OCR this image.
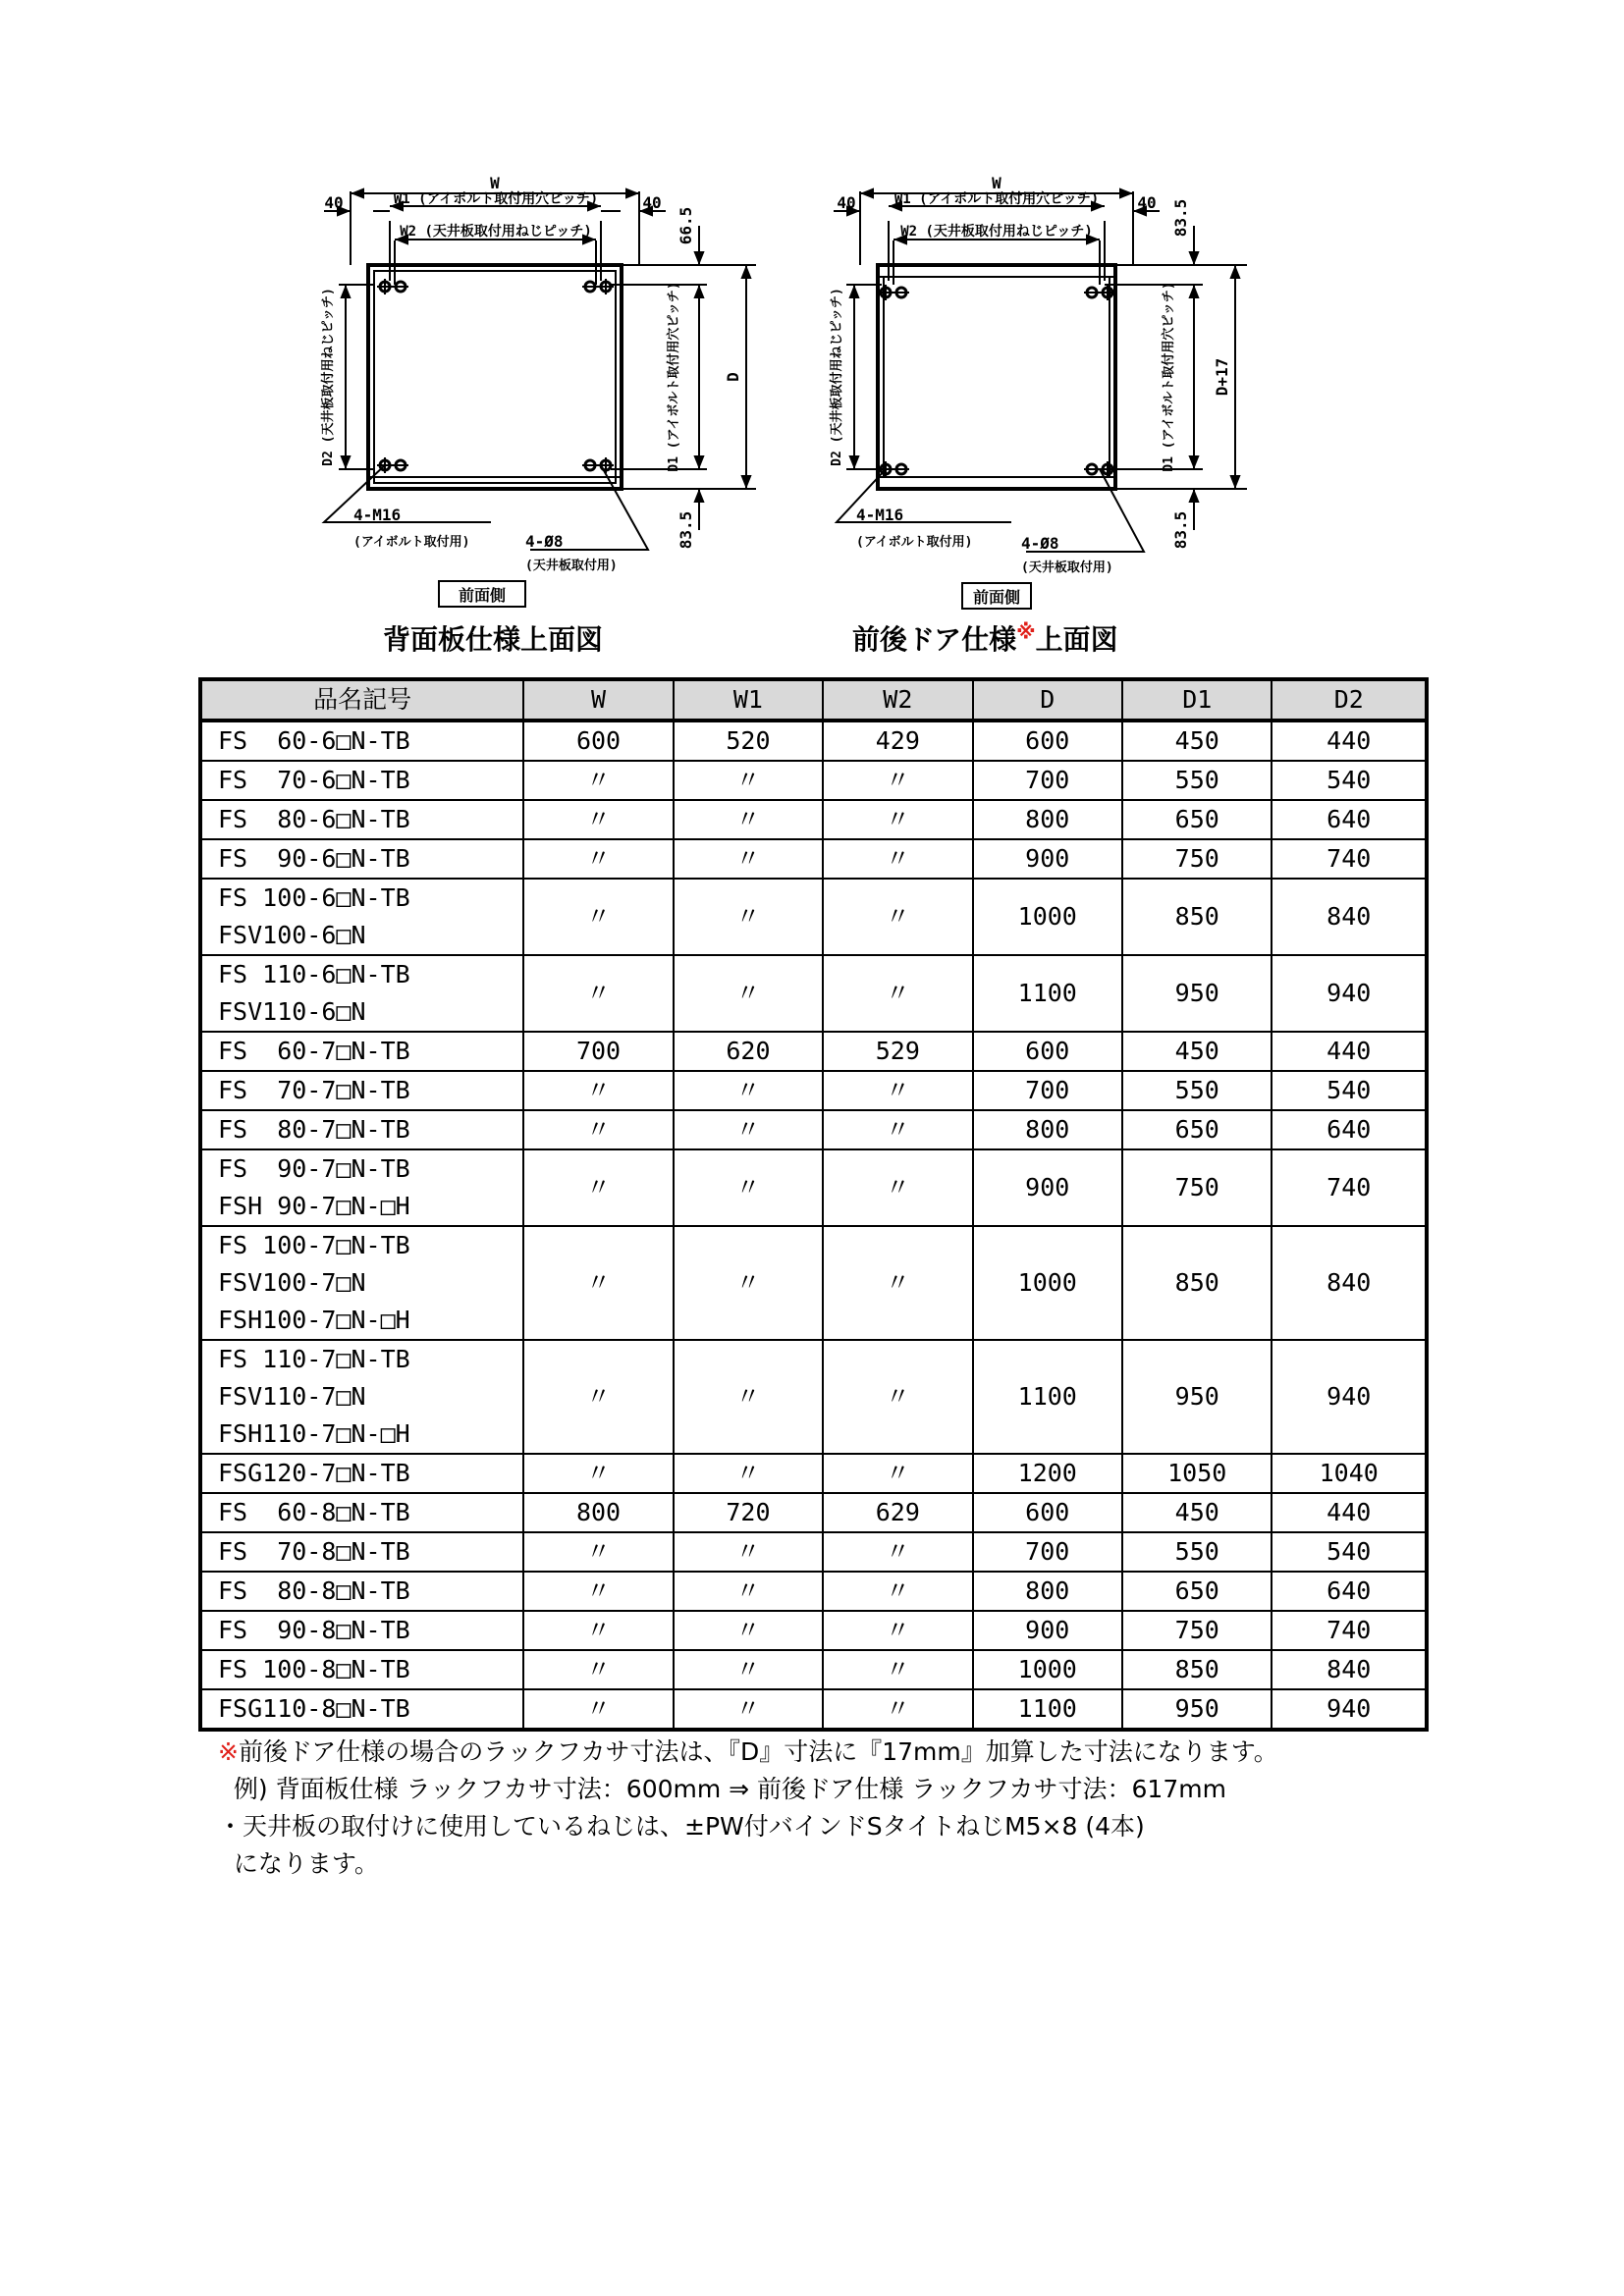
W
W1 (アイボルト取付用穴ピッチ)
W2 (天井板取付用ねじピッチ)
40	40
66.5
83.5
D
D1 (アイボルト取付用穴ピッチ)
D2 (天井板取付用ねじピッチ)
4-M16
(アイボルト取付用)	4-Ø8
(天井板取付用)
前面側
W
W1 (アイボルト取付用穴ピッチ)
W2 (天井板取付用ねじピッチ)
40	40 83.5
83.5
D+17
D1 (アイボルト取付用穴ピッチ)
D2 (天井板取付用ねじピッチ)
4-M16
(アイボルト取付用)	4-Ø8
(天井板取付用)
前面側
背面板仕様上面図	前後ドア仕様※上面図
品名記号	W	W1	W2	D	D1	D2

FS  60-6□N-TB	600	520	429	600	450	440

FS  70-6□N-TB	〃	〃	〃	700	550	540

FS  80-6□N-TB	〃	〃	〃	800	650	640

FS  90-6□N-TB	〃	〃	〃	900	750	740

FS 100-6□N-TB
FSV100-6□N	〃	〃	〃	1000	850	840

FS 110-6□N-TB
FSV110-6□N	〃	〃	〃	1100	950	940

FS  60-7□N-TB	700	620	529	600	450	440

FS  70-7□N-TB	〃	〃	〃	700	550	540

FS  80-7□N-TB	〃	〃	〃	800	650	640

FS  90-7□N-TB
FSH 90-7□N-□H	〃	〃	〃	900	750	740

FS 100-7□N-TB
FSV100-7□N
FSH100-7□N-□H	〃	〃	〃	1000	850	840

FS 110-7□N-TB
FSV110-7□N
FSH110-7□N-□H	〃	〃	〃	1100	950	940

FSG120-7□N-TB	〃	〃	〃	1200	1050	1040

FS  60-8□N-TB	800	720	629	600	450	440

FS  70-8□N-TB	〃	〃	〃	700	550	540

FS  80-8□N-TB	〃	〃	〃	800	650	640

FS  90-8□N-TB	〃	〃	〃	900	750	740

FS 100-8□N-TB	〃	〃	〃	1000	850	840

FSG110-8□N-TB	〃	〃	〃	1100	950	940
※前後ドア仕様の場合のラックフカサ寸法は、『D』寸法に『17mm』加算した寸法になります。
例) 背面板仕様 ラックフカサ寸法：600mm ⇒ 前後ドア仕様 ラックフカサ寸法：617mm
・天井板の取付けに使用しているねじは、±PW付バインドSタイトねじM5×8 (4本)
になります。
